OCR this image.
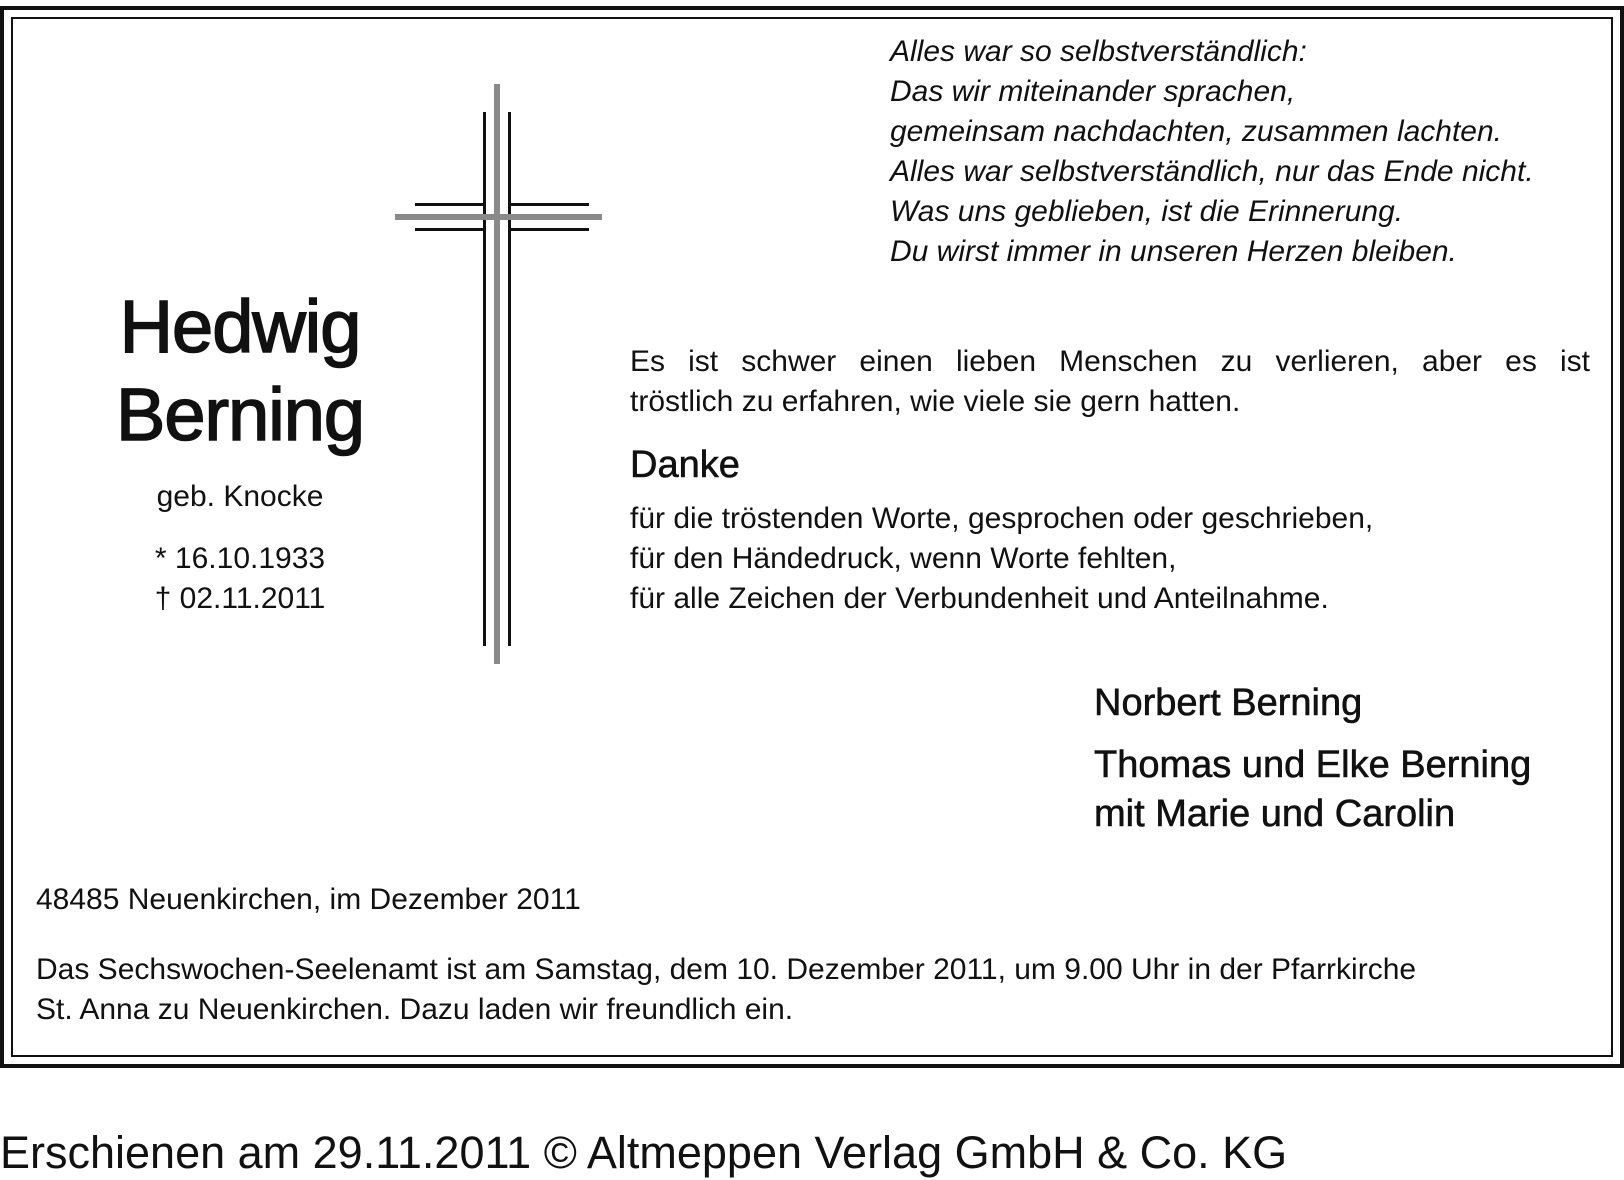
Alles war so selbstverständlich:
Das wir miteinander sprachen,
gemeinsam nachdachten, zusammen lachten.
Alles war selbstverständlich, nur das Ende nicht.
Was uns geblieben, ist die Erinnerung.
Du wirst immer in unseren Herzen bleiben.
Hedwig
Berning
geb. Knocke
* 16.10.1933
† 02.11.2011
Es ist schwer einen lieben Menschen zu verlieren, aber es ist
tröstlich zu erfahren, wie viele sie gern hatten.
Danke
für die tröstenden Worte, gesprochen oder geschrieben,
für den Händedruck, wenn Worte fehlten,
für alle Zeichen der Verbundenheit und Anteilnahme.
Norbert Berning
Thomas und Elke Berning
mit Marie und Carolin
48485 Neuenkirchen, im Dezember 2011
Das Sechswochen-Seelenamt ist am Samstag, dem 10. Dezember 2011, um 9.00 Uhr in der Pfarrkirche
St. Anna zu Neuenkirchen. Dazu laden wir freundlich ein.
Erschienen am 29.11.2011 © Altmeppen Verlag GmbH & Co. KG
